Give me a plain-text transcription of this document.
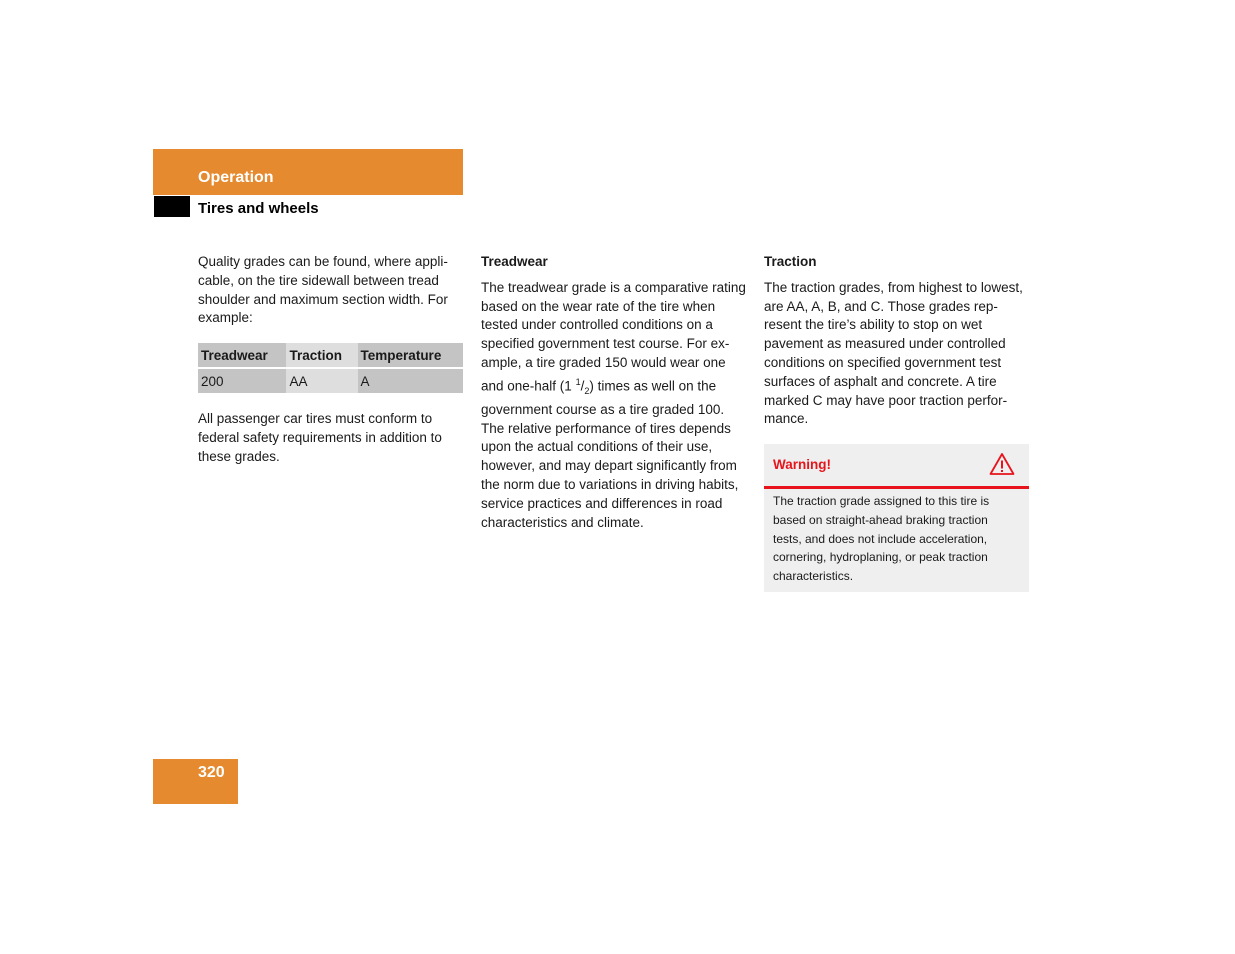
Operation
Tires and wheels

Quality grades can be found, where applicable, on the tire sidewall between tread shoulder and maximum section width. For example:

Treadwear	Traction	Temperature
200	AA	A

All passenger car tires must conform to federal safety requirements in addition to these grades.

Treadwear

The treadwear grade is a comparative rating based on the wear rate of the tire when tested under controlled conditions on a specified government test course. For example, a tire graded 150 would wear one and one-half (1 $^1/_2$) times as well on the government course as a tire graded 100. The relative performance of tires depends upon the actual conditions of their use, however, and may depart significantly from the norm due to variations in driving habits, service practices and differences in road characteristics and climate.

Traction

The traction grades, from highest to lowest, are AA, A, B, and C. Those grades represent the tire’s ability to stop on wet pavement as measured under controlled conditions on specified government test surfaces of asphalt and concrete. A tire marked C may have poor traction performance.

Warning!
The traction grade assigned to this tire is based on straight-ahead braking traction tests, and does not include acceleration, cornering, hydroplaning, or peak traction characteristics.
320
